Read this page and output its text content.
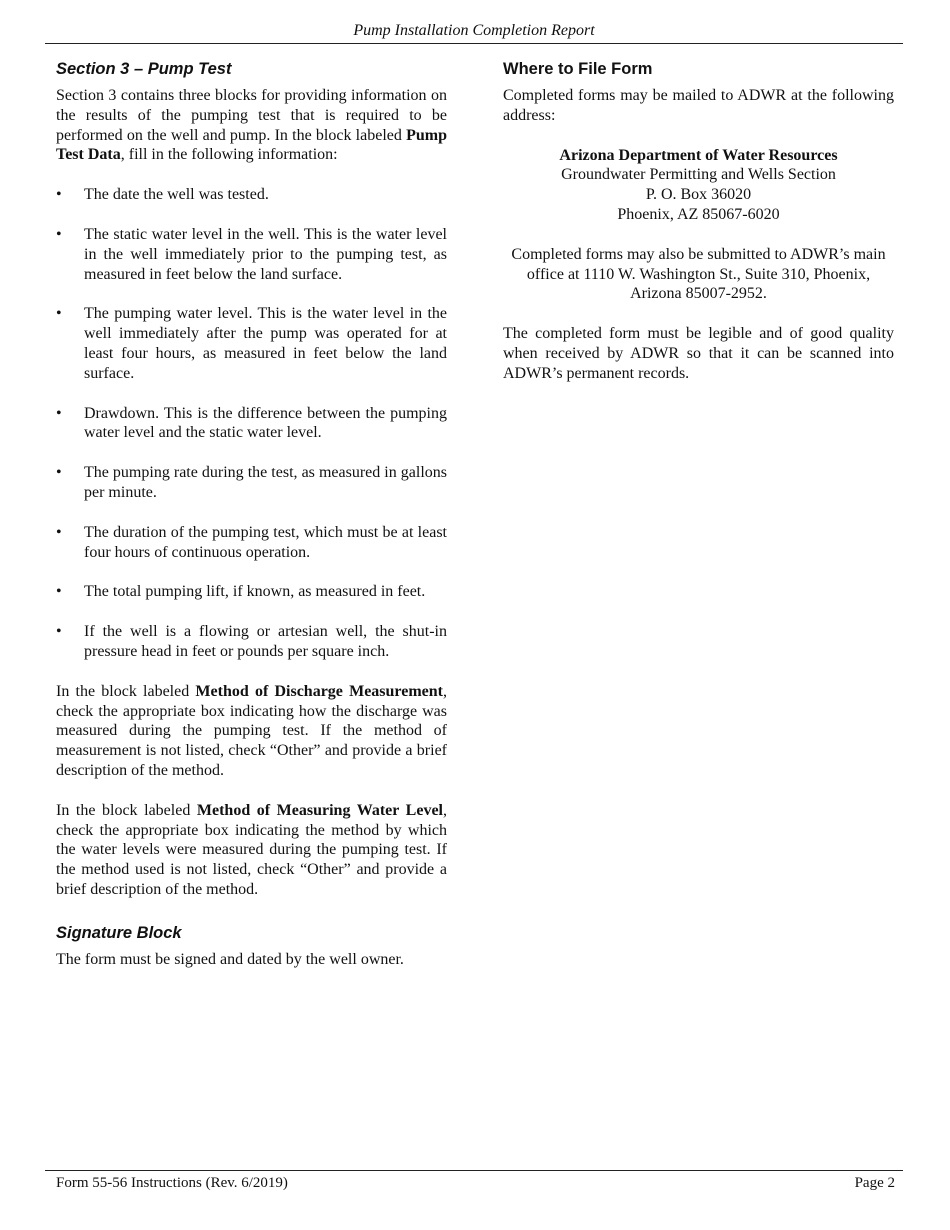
Pump Installation Completion Report
Section 3 – Pump Test

Section 3 contains three blocks for providing information on the results of the pumping test that is required to be performed on the well and pump. In the block labeled Pump Test Data, fill in the following information:

• The date the well was tested.
• The static water level in the well. This is the water level in the well immediately prior to the pumping test, as measured in feet below the land surface.
• The pumping water level. This is the water level in the well immediately after the pump was operated for at least four hours, as measured in feet below the land surface.
• Drawdown. This is the difference between the pumping water level and the static water level.
• The pumping rate during the test, as measured in gallons per minute.
• The duration of the pumping test, which must be at least four hours of continuous operation.
• The total pumping lift, if known, as measured in feet.
• If the well is a flowing or artesian well, the shut-in pressure head in feet or pounds per square inch.

In the block labeled Method of Discharge Measurement, check the appropriate box indicating how the discharge was measured during the pumping test. If the method of measurement is not listed, check “Other” and provide a brief description of the method.

In the block labeled Method of Measuring Water Level, check the appropriate box indicating the method by which the water levels were measured during the pumping test. If the method used is not listed, check “Other” and provide a brief description of the method.

Signature Block

The form must be signed and dated by the well owner.

Where to File Form

Completed forms may be mailed to ADWR at the following address:

Arizona Department of Water Resources
Groundwater Permitting and Wells Section
P. O. Box 36020
Phoenix, AZ 85067-6020
Completed forms may also be submitted to ADWR’s main office at 1110 W. Washington St., Suite 310, Phoenix, Arizona 85007-2952.

The completed form must be legible and of good quality when received by ADWR so that it can be scanned into ADWR’s permanent records.

Form 55-56 Instructions (Rev. 6/2019)	Page 2
